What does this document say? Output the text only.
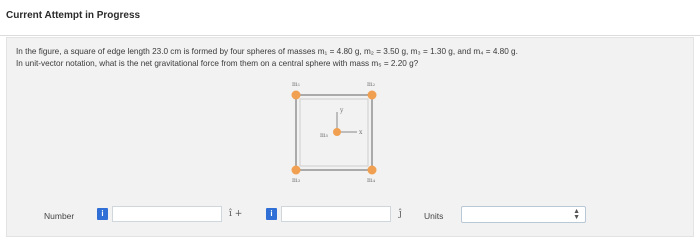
Current Attempt in Progress
In the figure, a square of edge length 23.0 cm is formed by four spheres of masses m₁ = 4.80 g, m₂ = 3.50 g, m₃ = 1.30 g, and m₄ = 4.80 g.
In unit-vector notation, what is the net gravitational force from them on a central sphere with mass m₅ = 2.20 g?
m₁	m₂
m₃	m₄
m₅
y
x
Number	i	î +	i	ĵ	Units	▲
▼
